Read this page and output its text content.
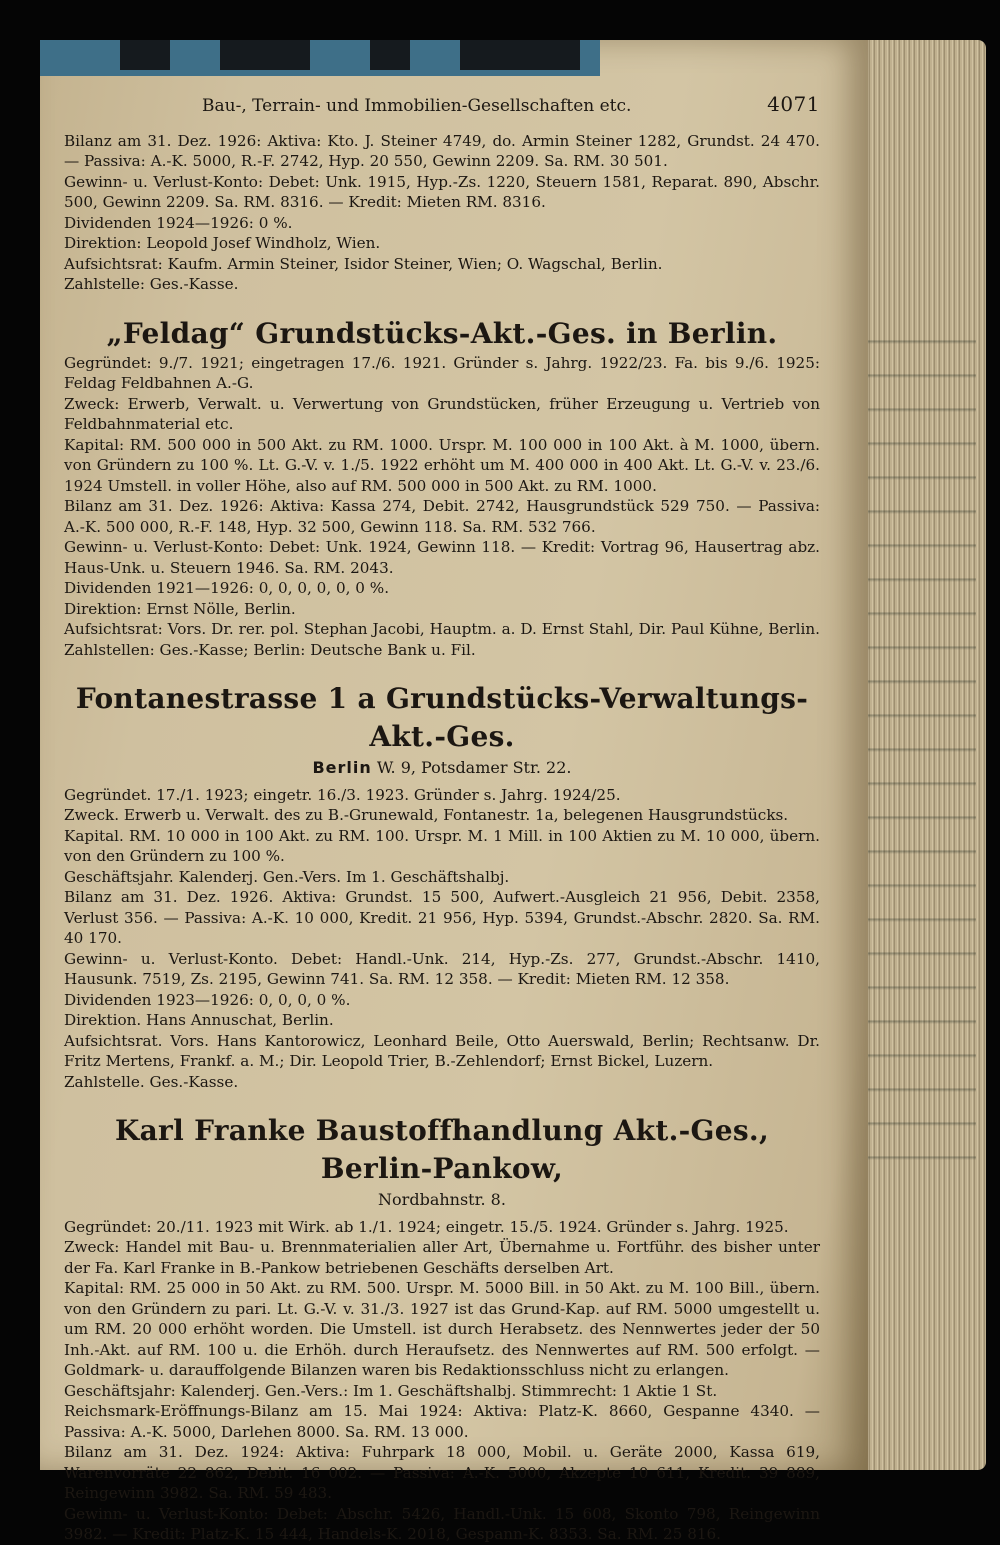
Bau-, Terrain- und Immobilien-Gesellschaften etc.	4071

Bilanz am 31. Dez. 1926: Aktiva: Kto. J. Steiner 4749, do. Armin Steiner 1282, Grundst. 24 470. — Passiva: A.-K. 5000, R.-F. 2742, Hyp. 20 550, Gewinn 2209. Sa. RM. 30 501.

Gewinn- u. Verlust-Konto: Debet: Unk. 1915, Hyp.-Zs. 1220, Steuern 1581, Reparat. 890, Abschr. 500, Gewinn 2209. Sa. RM. 8316. — Kredit: Mieten RM. 8316.

Dividenden 1924—1926: 0 %.

Direktion: Leopold Josef Windholz, Wien.

Aufsichtsrat: Kaufm. Armin Steiner, Isidor Steiner, Wien; O. Wagschal, Berlin.

Zahlstelle: Ges.-Kasse.

„Feldag“ Grundstücks-Akt.-Ges. in Berlin.

Gegründet: 9./7. 1921; eingetragen 17./6. 1921. Gründer s. Jahrg. 1922/23. Fa. bis 9./6. 1925: Feldag Feldbahnen A.-G.

Zweck: Erwerb, Verwalt. u. Verwertung von Grundstücken, früher Erzeugung u. Vertrieb von Feldbahnmaterial etc.

Kapital: RM. 500 000 in 500 Akt. zu RM. 1000. Urspr. M. 100 000 in 100 Akt. à M. 1000, übern. von Gründern zu 100 %. Lt. G.-V. v. 1./5. 1922 erhöht um M. 400 000 in 400 Akt. Lt. G.-V. v. 23./6. 1924 Umstell. in voller Höhe, also auf RM. 500 000 in 500 Akt. zu RM. 1000.

Bilanz am 31. Dez. 1926: Aktiva: Kassa 274, Debit. 2742, Hausgrundstück 529 750. — Passiva: A.-K. 500 000, R.-F. 148, Hyp. 32 500, Gewinn 118. Sa. RM. 532 766.

Gewinn- u. Verlust-Konto: Debet: Unk. 1924, Gewinn 118. — Kredit: Vortrag 96, Hausertrag abz. Haus-Unk. u. Steuern 1946. Sa. RM. 2043.

Dividenden 1921—1926: 0, 0, 0, 0, 0, 0 %.

Direktion: Ernst Nölle, Berlin.

Aufsichtsrat: Vors. Dr. rer. pol. Stephan Jacobi, Hauptm. a. D. Ernst Stahl, Dir. Paul Kühne, Berlin. Zahlstellen: Ges.-Kasse; Berlin: Deutsche Bank u. Fil.

Fontanestrasse 1 a Grundstücks-Verwaltungs-Akt.-Ges.
Berlin W. 9, Potsdamer Str. 22.

Gegründet. 17./1. 1923; eingetr. 16./3. 1923. Gründer s. Jahrg. 1924/25.

Zweck. Erwerb u. Verwalt. des zu B.-Grunewald, Fontanestr. 1a, belegenen Hausgrundstücks.

Kapital. RM. 10 000 in 100 Akt. zu RM. 100. Urspr. M. 1 Mill. in 100 Aktien zu M. 10 000, übern. von den Gründern zu 100 %.

Geschäftsjahr. Kalenderj. Gen.-Vers. Im 1. Geschäftshalbj.

Bilanz am 31. Dez. 1926. Aktiva: Grundst. 15 500, Aufwert.-Ausgleich 21 956, Debit. 2358, Verlust 356. — Passiva: A.-K. 10 000, Kredit. 21 956, Hyp. 5394, Grundst.-Abschr. 2820. Sa. RM. 40 170.

Gewinn- u. Verlust-Konto. Debet: Handl.-Unk. 214, Hyp.-Zs. 277, Grundst.-Abschr. 1410, Hausunk. 7519, Zs. 2195, Gewinn 741. Sa. RM. 12 358. — Kredit: Mieten RM. 12 358.

Dividenden 1923—1926: 0, 0, 0, 0 %.

Direktion. Hans Annuschat, Berlin.

Aufsichtsrat. Vors. Hans Kantorowicz, Leonhard Beile, Otto Auerswald, Berlin; Rechtsanw. Dr. Fritz Mertens, Frankf. a. M.; Dir. Leopold Trier, B.-Zehlendorf; Ernst Bickel, Luzern.

Zahlstelle. Ges.-Kasse.

Karl Franke Baustoffhandlung Akt.-Ges., Berlin-Pankow,
Nordbahnstr. 8.

Gegründet: 20./11. 1923 mit Wirk. ab 1./1. 1924; eingetr. 15./5. 1924. Gründer s. Jahrg. 1925.

Zweck: Handel mit Bau- u. Brennmaterialien aller Art, Übernahme u. Fortführ. des bisher unter der Fa. Karl Franke in B.-Pankow betriebenen Geschäfts derselben Art.

Kapital: RM. 25 000 in 50 Akt. zu RM. 500. Urspr. M. 5000 Bill. in 50 Akt. zu M. 100 Bill., übern. von den Gründern zu pari. Lt. G.-V. v. 31./3. 1927 ist das Grund-Kap. auf RM. 5000 umgestellt u. um RM. 20 000 erhöht worden. Die Umstell. ist durch Herabsetz. des Nennwertes jeder der 50 Inh.-Akt. auf RM. 100 u. die Erhöh. durch Heraufsetz. des Nennwertes auf RM. 500 erfolgt. — Goldmark- u. darauffolgende Bilanzen waren bis Redaktionsschluss nicht zu erlangen.

Geschäftsjahr: Kalenderj. Gen.-Vers.: Im 1. Geschäftshalbj. Stimmrecht: 1 Aktie 1 St.

Reichsmark-Eröffnungs-Bilanz am 15. Mai 1924: Aktiva: Platz-K. 8660, Gespanne 4340. — Passiva: A.-K. 5000, Darlehen 8000. Sa. RM. 13 000.

Bilanz am 31. Dez. 1924: Aktiva: Fuhrpark 18 000, Mobil. u. Geräte 2000, Kassa 619, Warenvorräte 22 862, Debit. 16 002. — Passiva: A.-K. 5000, Akzepte 10 611, Kredit. 39 889, Reingewinn 3982. Sa. RM. 59 483.

Gewinn- u. Verlust-Konto: Debet: Abschr. 5426, Handl.-Unk. 15 608, Skonto 798, Reingewinn 3982. — Kredit: Platz-K. 15 444, Handels-K. 2018, Gespann-K. 8353. Sa. RM. 25 816.
